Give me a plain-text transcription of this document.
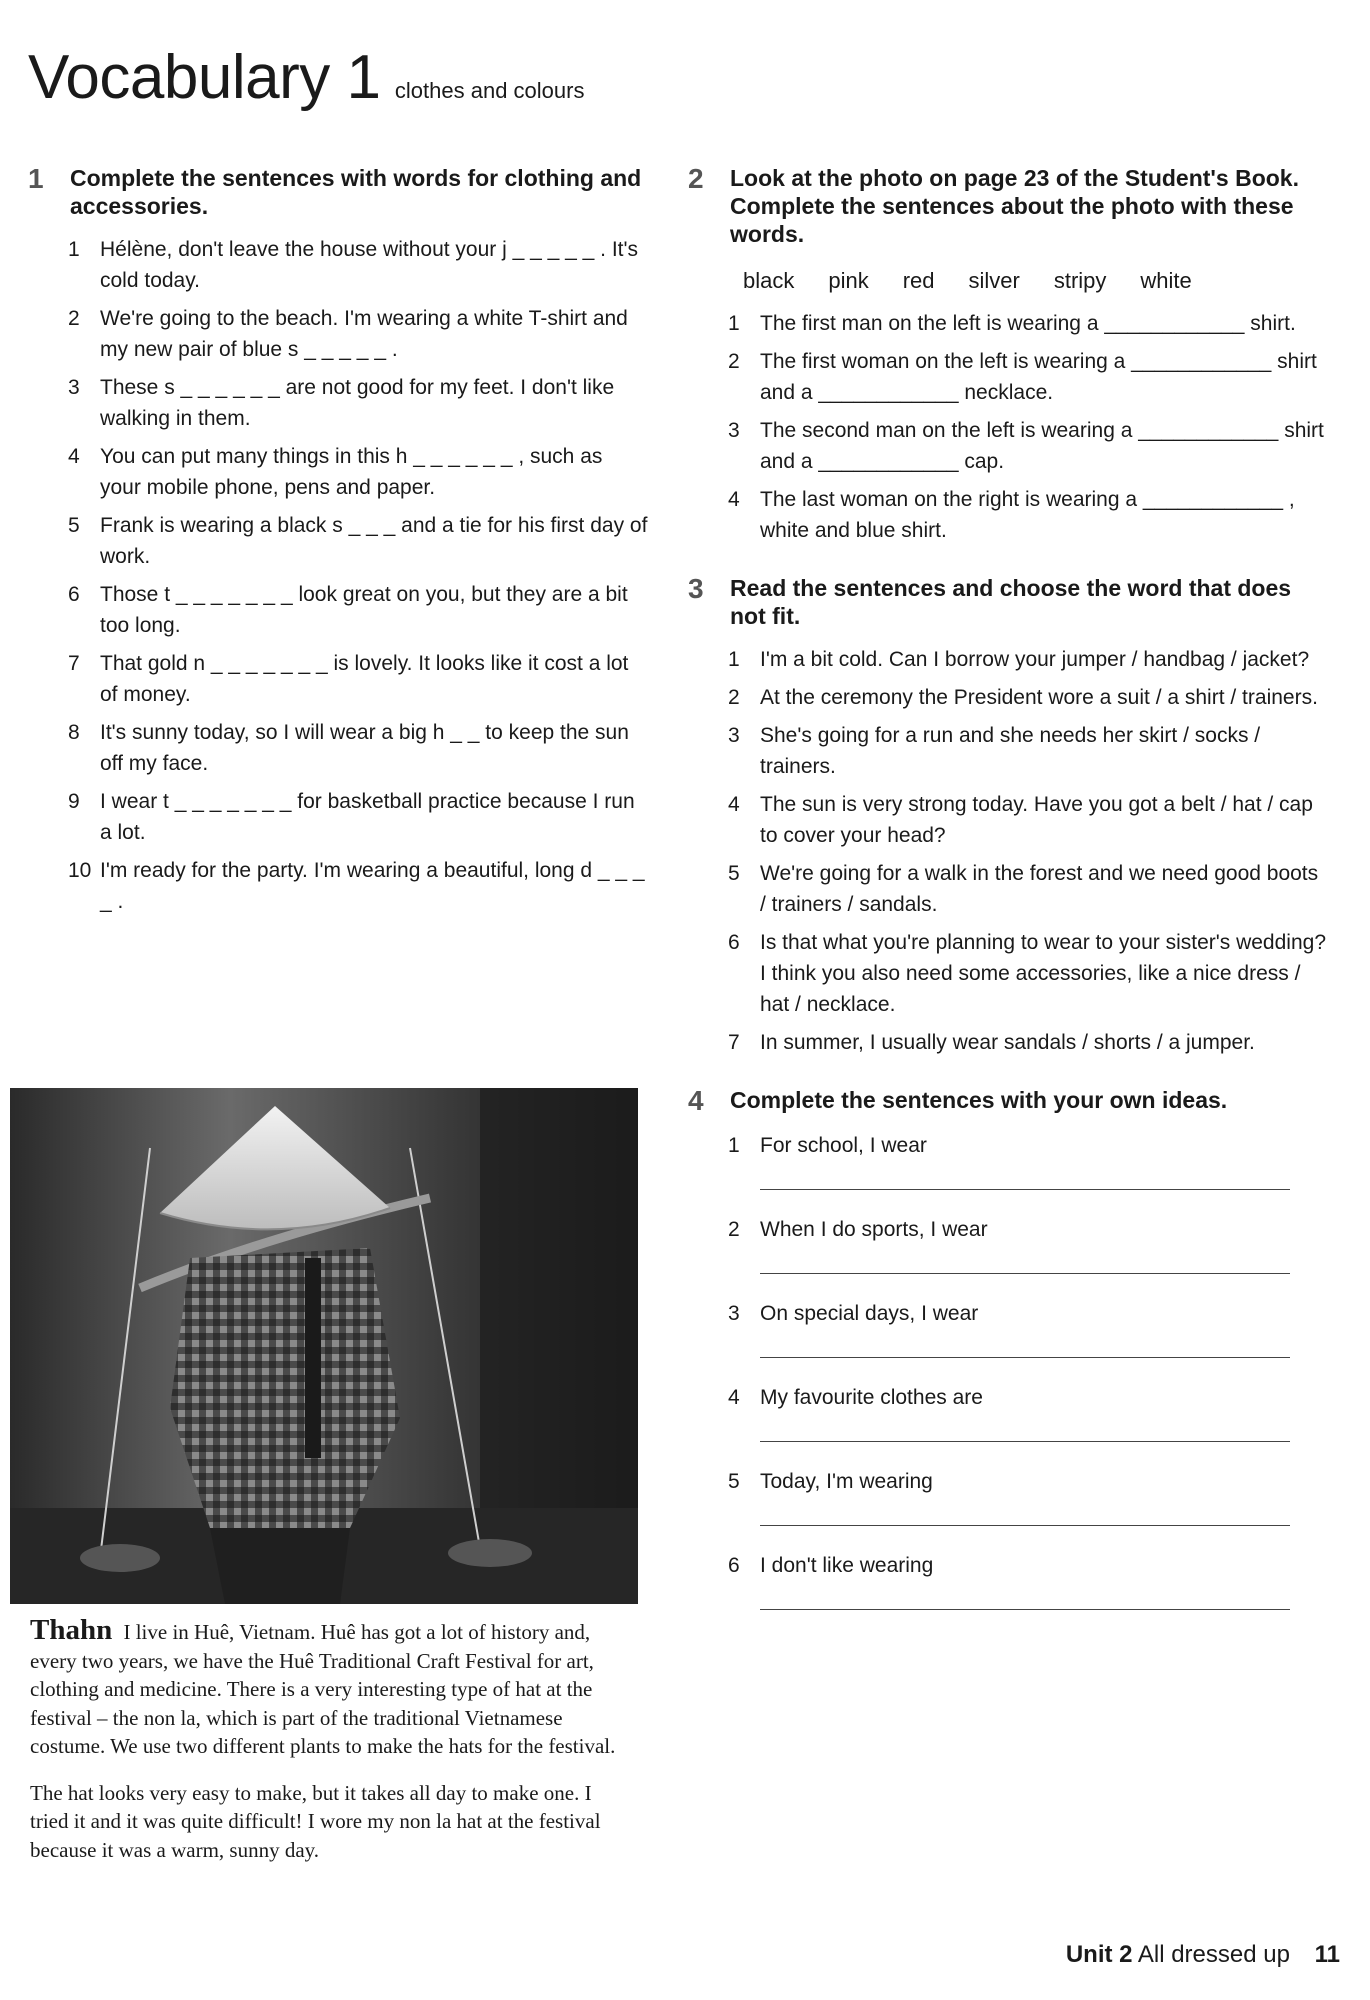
Vocabulary 1 clothes and colours
1	Complete the sentences with words for clothing and accessories.
1 Hélène, don't leave the house without your j _ _ _ _ _ . It's cold today.
2 We're going to the beach. I'm wearing a white T-shirt and my new pair of blue s _ _ _ _ _ .
3 These s _ _ _ _ _ _ are not good for my feet. I don't like walking in them.
4 You can put many things in this h _ _ _ _ _ _ , such as your mobile phone, pens and paper.
5 Frank is wearing a black s _ _ _ and a tie for his first day of work.
6 Those t _ _ _ _ _ _ _ look great on you, but they are a bit too long.
7 That gold n _ _ _ _ _ _ _ is lovely. It looks like it cost a lot of money.
8 It's sunny today, so I will wear a big h _ _ to keep the sun off my face.
9 I wear t _ _ _ _ _ _ _ for basketball practice because I run a lot.
10 I'm ready for the party. I'm wearing a beautiful, long d _ _ _ _ .

Thahn I live in Huê, Vietnam. Huê has got a lot of history and, every two years, we have the Huê Traditional Craft Festival for art, clothing and medicine. There is a very interesting type of hat at the festival – the non la, which is part of the traditional Vietnamese costume. We use two different plants to make the hats for the festival.

The hat looks very easy to make, but it takes all day to make one. I tried it and it was quite difficult! I wore my non la hat at the festival because it was a warm, sunny day.

2	Look at the photo on page 23 of the Student's Book. Complete the sentences about the photo with these words.
black pink red silver stripy white
1 The first man on the left is wearing a ____________ shirt.
2 The first woman on the left is wearing a ____________ shirt and a ____________ necklace.
3 The second man on the left is wearing a ____________ shirt and a ____________ cap.
4 The last woman on the right is wearing a ____________ , white and blue shirt.
3	Read the sentences and choose the word that does not fit.
1 I'm a bit cold. Can I borrow your jumper / handbag / jacket?
2 At the ceremony the President wore a suit / a shirt / trainers.
3 She's going for a run and she needs her skirt / socks / trainers.
4 The sun is very strong today. Have you got a belt / hat / cap to cover your head?
5 We're going for a walk in the forest and we need good boots / trainers / sandals.
6 Is that what you're planning to wear to your sister's wedding? I think you also need some accessories, like a nice dress / hat / necklace.
7 In summer, I usually wear sandals / shorts / a jumper.
4	Complete the sentences with your own ideas.
1 For school, I wear
2 When I do sports, I wear
3 On special days, I wear
4 My favourite clothes are
5 Today, I'm wearing
6 I don't like wearing
Unit 2 All dressed up 11
